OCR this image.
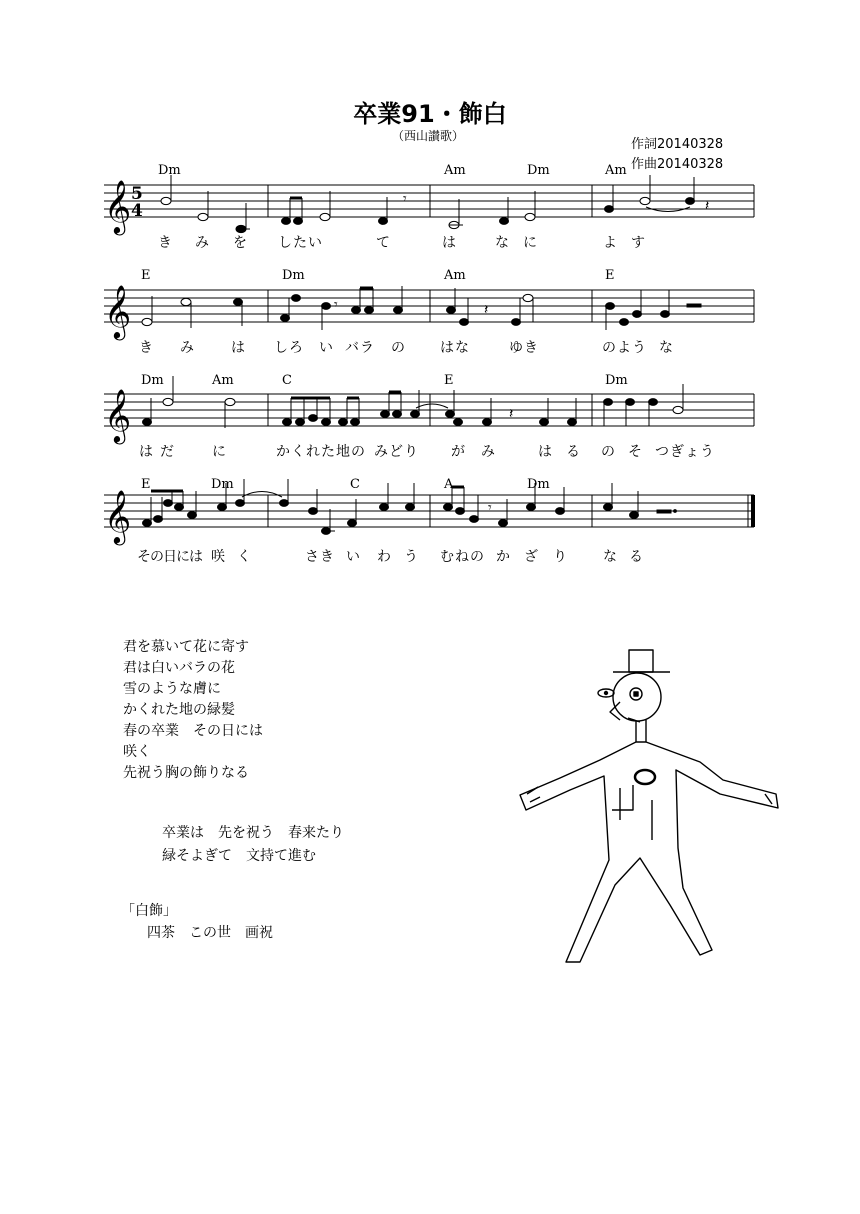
卒業91・飾白
（西山讃歌）
作詞20140328
作曲20140328
𝄞
𝄞
𝄞
𝄞
5
4
𝄾	𝄽
𝄾	𝄽
𝄽
𝄾
Dm	Am	Dm	Am
E	Dm	Am	E
Dm	Am	C	E	Dm
E	Dm	C	A	Dm
き み を したい	て	は	な に	よ す
き み	は しろ い バラ の はな	ゆき	のよう な
は だ	に	かくれた地の みどり が み	は る の そ つぎょう
その日には 咲 く	さき い わ う むねの か ざ り	な る
君を慕いて花に寄す
君は白いバラの花
雪のような膚に
かくれた地の緑髪
春の卒業　その日には
咲く
先祝う胸の飾りなる
卒業は　先を祝う　春来たり
緑そよぎて　文持て進む
「白飾」
四茶　この世　画祝
